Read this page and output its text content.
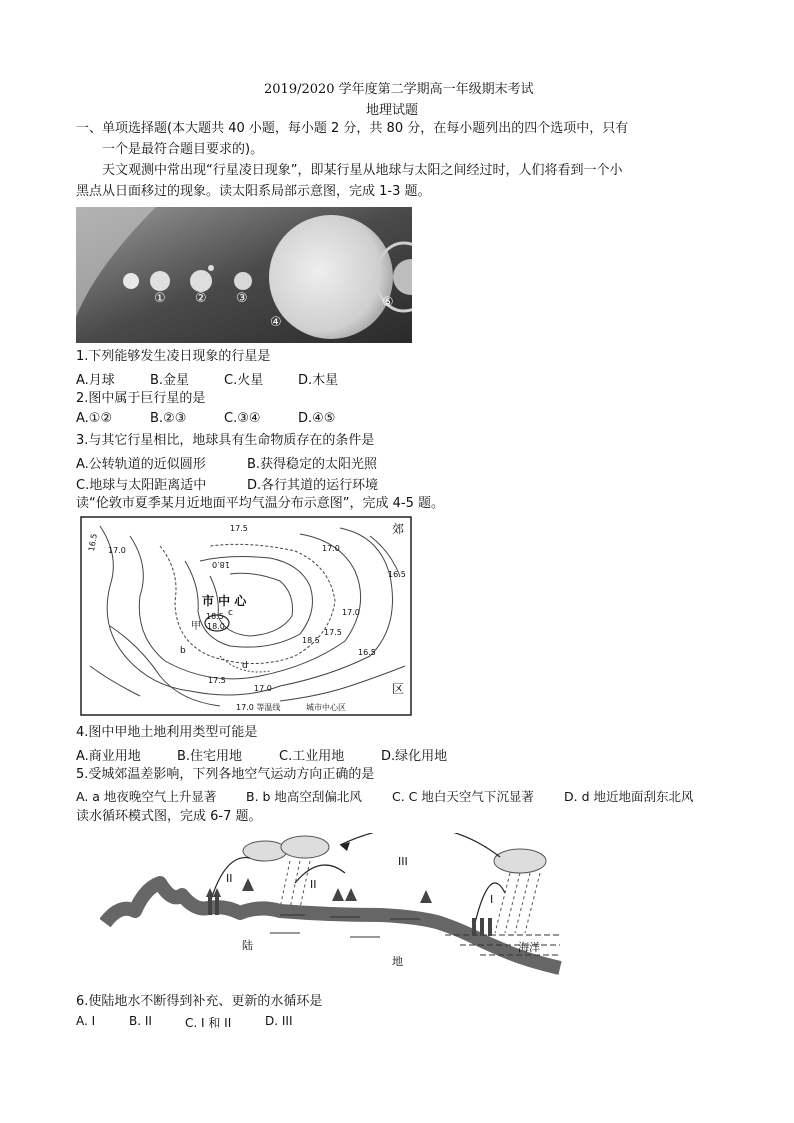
2019/2020 学年度第二学期高一年级期末考试
地理试题
一、单项选择题(本大题共 40 小题，每小题 2 分，共 80 分，在每小题列出的四个选项中，只有
一个是最符合题目要求的)。
天文观测中常出现“行星凌日现象”，即某行星从地球与太阳之间经过时，人们将看到一个小
黑点从日面移过的现象。读太阳系局部示意图，完成 1-3 题。
① ② ③
④
⑤
1.下列能够发生凌日现象的行星是
A.月球	B.金星	C.火星	D.木星
2.图中属于巨行星的是
A.①②	B.②③	C.③④	D.④⑤
3.与其它行星相比，地球具有生命物质存在的条件是
A.公转轨道的近似圆形	B.获得稳定的太阳光照
C.地球与太阳距离适中	D.各行其道的运行环境
读“伦敦市夏季某月近地面平均气温分布示意图”，完成 4-5 题。
市 中 心
郊
区
甲
b
c
d
16.5 17.0
17.5
18.0
18.5
18.0
17.5
17.0
16.5
17.0
18.5
16.5
17.0
17.5
17.0 等温线	城市中心区
4.图中甲地土地利用类型可能是
A.商业用地	B.住宅用地	C.工业用地	D.绿化用地
5.受城郊温差影响，下列各地空气运动方向正确的是
A. a 地夜晚空气上升显著 B. b 地高空刮偏北风 C. C 地白天空气下沉显著 D. d 地近地面刮东北风
读水循环模式图，完成 6-7 题。
II	II
III
I
陆
地
海洋
6.使陆地水不断得到补充、更新的水循环是
A. I	B. II	C. I 和 II	D. III
